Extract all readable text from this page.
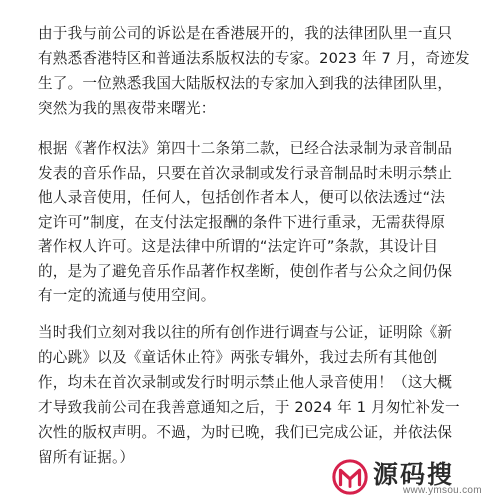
由于我与前公司的诉讼是在香港展开的，我的法律团队里一直只
有熟悉香港特区和普通法系版权法的专家。2023 年 7 月，奇迹发
生了。一位熟悉我国大陆版权法的专家加入到我的法律团队里，
突然为我的黑夜带来曙光：
根据《著作权法》第四十二条第二款，已经合法录制为录音制品
发表的音乐作品，只要在首次录制或发行录音制品时未明示禁止
他人录音使用，任何人，包括创作者本人，便可以依法透过“法
定许可”制度，在支付法定报酬的条件下进行重录，无需获得原
著作权人许可。这是法律中所谓的“法定许可”条款，其设计目
的，是为了避免音乐作品著作权垄断，使创作者与公众之间仍保
有一定的流通与使用空间。
当时我们立刻对我以往的所有创作进行调查与公证，证明除《新
的心跳》以及《童话休止符》两张专辑外，我过去所有其他创
作，均未在首次录制或发行时明示禁止他人录音使用！（这大概
才导致我前公司在我善意通知之后，于 2024 年 1 月匆忙补发一
次性的版权声明。不過，为时已晚，我们已完成公证，并依法保
留所有证据。）
源码搜
www.ymsou.com
